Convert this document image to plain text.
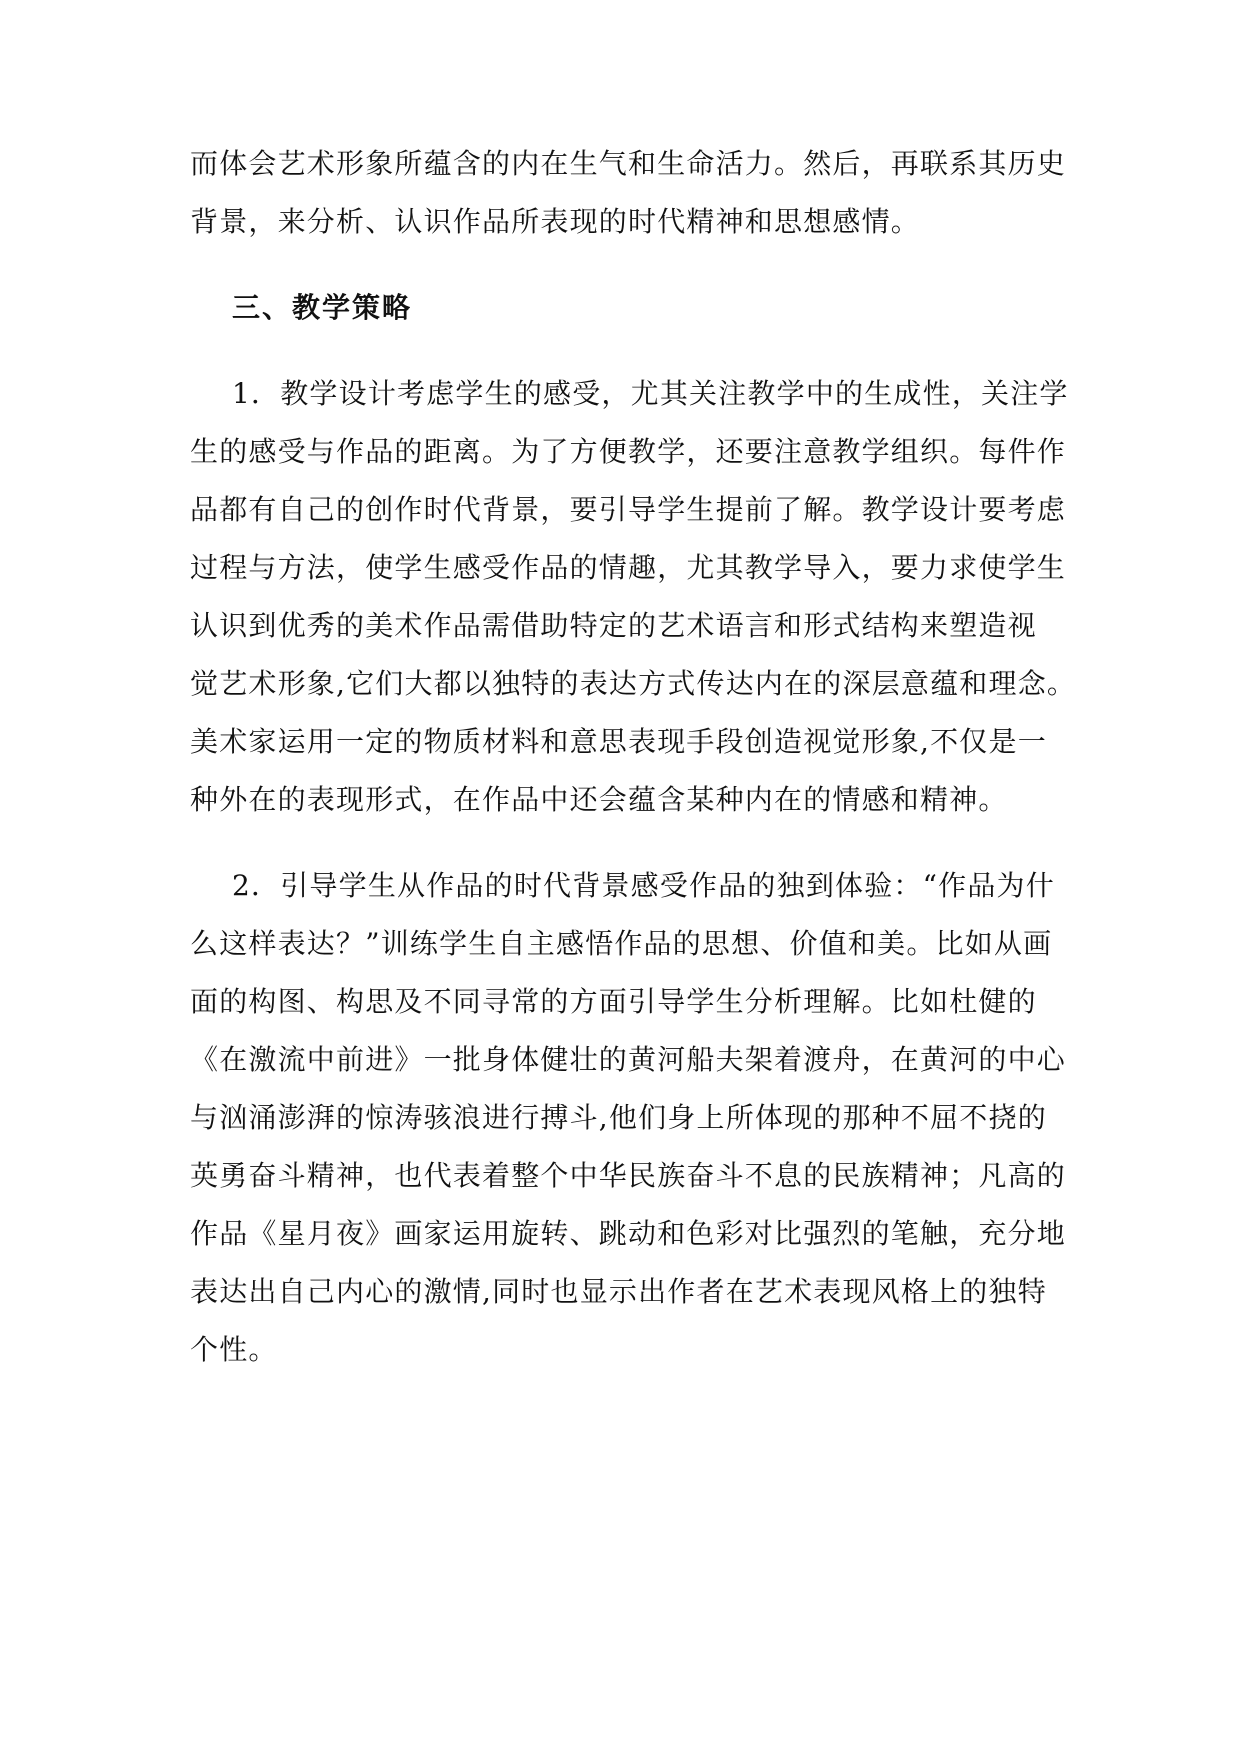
而体会艺术形象所蕴含的内在生气和生命活力。然后，再联系其历史
背景，来分析、认识作品所表现的时代精神和思想感情。
三、教学策略
1．教学设计考虑学生的感受，尤其关注教学中的生成性，关注学
生的感受与作品的距离。为了方便教学，还要注意教学组织。每件作
品都有自己的创作时代背景，要引导学生提前了解。教学设计要考虑
过程与方法，使学生感受作品的情趣，尤其教学导入，要力求使学生
认识到优秀的美术作品需借助特定的艺术语言和形式结构来塑造视
觉艺术形象,它们大都以独特的表达方式传达内在的深层意蕴和理念。
美术家运用一定的物质材料和意思表现手段创造视觉形象,不仅是一
种外在的表现形式，在作品中还会蕴含某种内在的情感和精神。
2．引导学生从作品的时代背景感受作品的独到体验：“作品为什
么这样表达？”训练学生自主感悟作品的思想、价值和美。比如从画
面的构图、构思及不同寻常的方面引导学生分析理解。比如杜健的
《在激流中前进》一批身体健壮的黄河船夫架着渡舟，在黄河的中心
与汹涌澎湃的惊涛骇浪进行搏斗,他们身上所体现的那种不屈不挠的
英勇奋斗精神，也代表着整个中华民族奋斗不息的民族精神；凡高的
作品《星月夜》画家运用旋转、跳动和色彩对比强烈的笔触，充分地
表达出自己内心的激情,同时也显示出作者在艺术表现风格上的独特
个性。
